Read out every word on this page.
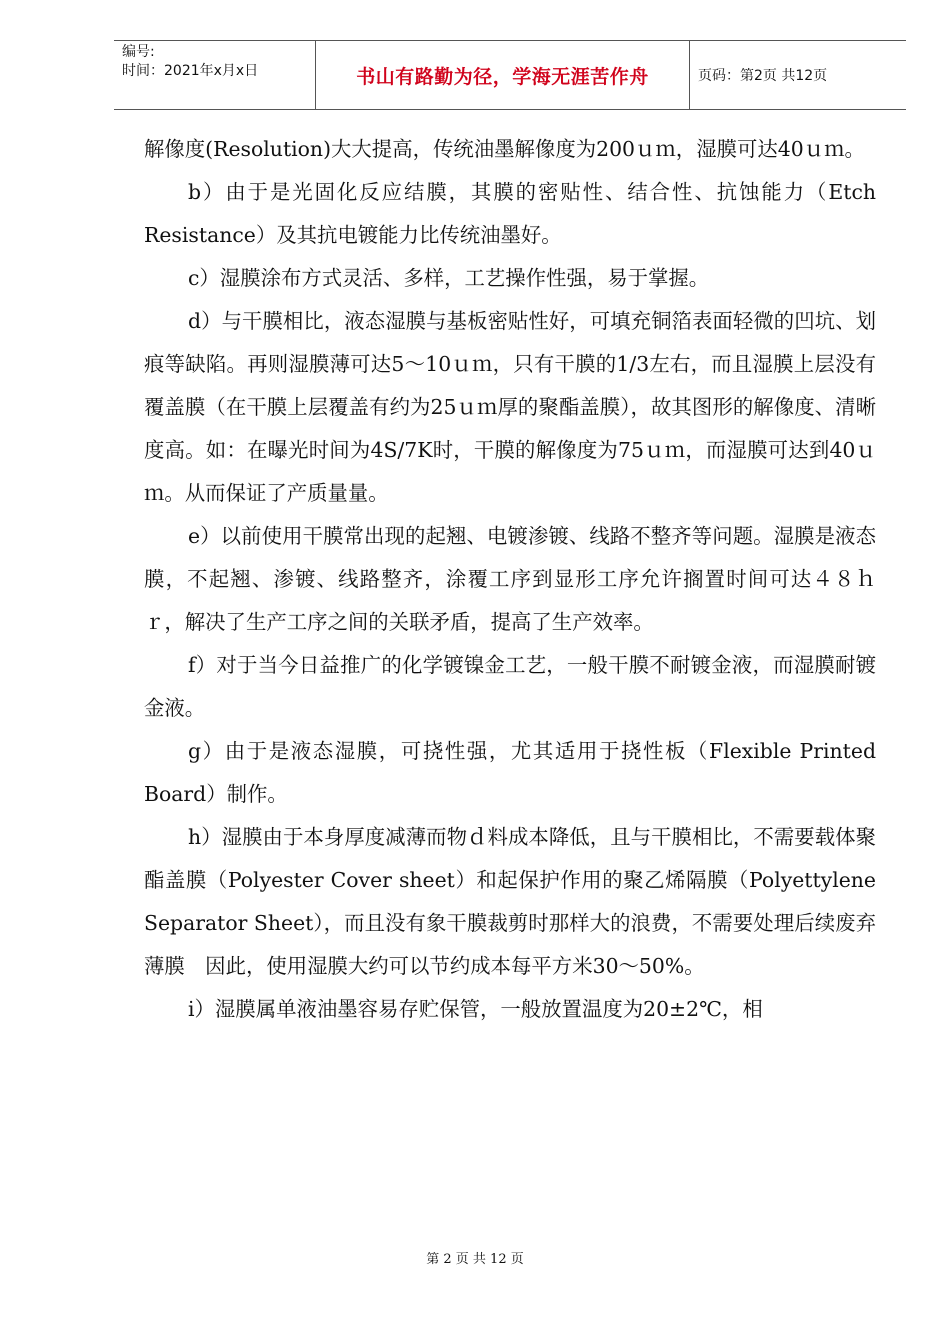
编号:
时间：2021年x月x日	书山有路勤为径，学海无涯苦作舟	页码：第2页 共12页

解像度(Resolution)大大提高，传统油墨解像度为200ｕｍ，湿膜可达40ｕｍ。

b）由于是光固化反应结膜，其膜的密贴性、结合性、抗蚀能力（Etch Resistance）及其抗电镀能力比传统油墨好。

c）湿膜涂布方式灵活、多样，工艺操作性强，易于掌握。

d）与干膜相比，液态湿膜与基板密贴性好，可填充铜箔表面轻微的凹坑、划痕等缺陷。再则湿膜薄可达5～10ｕｍ，只有干膜的1/3左右，而且湿膜上层没有覆盖膜（在干膜上层覆盖有约为25ｕｍ厚的聚酯盖膜），故其图形的解像度、清晰度高。如：在曝光时间为4S/7K时，干膜的解像度为75ｕｍ，而湿膜可达到40ｕｍ。从而保证了产质量量。

e）以前使用干膜常出现的起翘、电镀渗镀、线路不整齐等问题。湿膜是液态膜，不起翘、渗镀、线路整齐，涂覆工序到显形工序允许搁置时间可达４８ｈｒ，解决了生产工序之间的关联矛盾，提高了生产效率。

f）对于当今日益推广的化学镀镍金工艺，一般干膜不耐镀金液，而湿膜耐镀金液。

g）由于是液态湿膜，可挠性强，尤其适用于挠性板（Flexible Printed Board）制作。

h）湿膜由于本身厚度减薄而物ｄ料成本降低，且与干膜相比，不需要载体聚酯盖膜（Polyester Cover sheet）和起保护作用的聚乙烯隔膜（Polyettylene Separator Sheet），而且没有象干膜裁剪时那样大的浪费，不需要处理后续废弃薄膜　因此，使用湿膜大约可以节约成本每平方米30～50%。

i）湿膜属单液油墨容易存贮保管，一般放置温度为20±2℃，相

第 2 页 共 12 页
